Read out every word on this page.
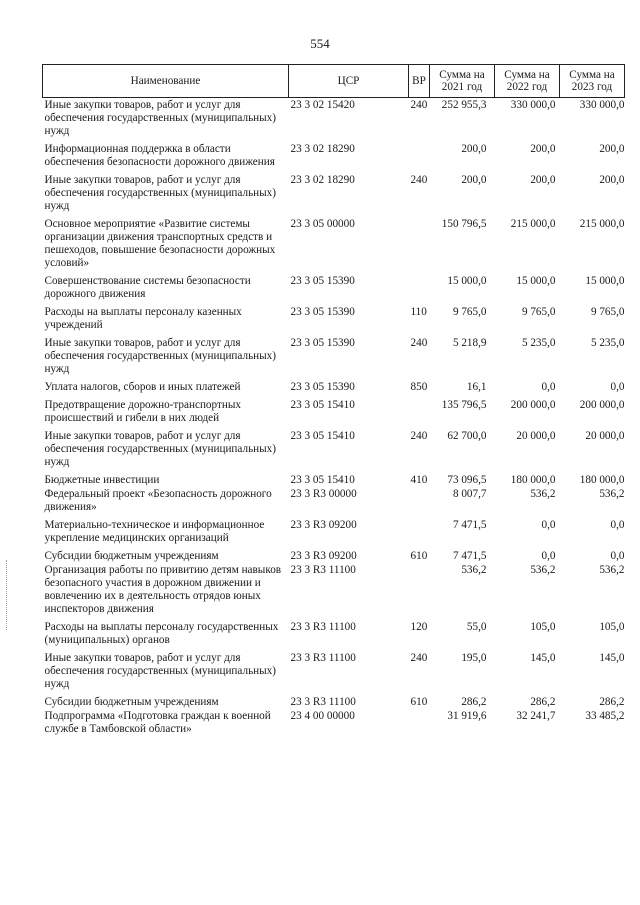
554
Наименование	ЦСР	ВР	Сумма на 2021 год	Сумма на 2022 год	Сумма на 2023 год
Иные закупки товаров, работ и услуг для обеспечения государственных (муниципальных) нужд	23 3 02 15420	240	252 955,3	330 000,0	330 000,0
Информационная поддержка в области обеспечения безопасности дорожного движения	23 3 02 18290		200,0	200,0	200,0
Иные закупки товаров, работ и услуг для обеспечения государственных (муниципальных) нужд	23 3 02 18290	240	200,0	200,0	200,0
Основное мероприятие «Развитие системы организации движения транспортных средств и пешеходов, повышение безопасности дорожных условий»	23 3 05 00000		150 796,5	215 000,0	215 000,0
Совершенствование системы безопасности дорожного движения	23 3 05 15390		15 000,0	15 000,0	15 000,0
Расходы на выплаты персоналу казенных учреждений	23 3 05 15390	110	9 765,0	9 765,0	9 765,0
Иные закупки товаров, работ и услуг для обеспечения государственных (муниципальных) нужд	23 3 05 15390	240	5 218,9	5 235,0	5 235,0
Уплата налогов, сборов и иных платежей	23 3 05 15390	850	16,1	0,0	0,0
Предотвращение дорожно-транспортных происшествий и гибели в них людей	23 3 05 15410		135 796,5	200 000,0	200 000,0
Иные закупки товаров, работ и услуг для обеспечения государственных (муниципальных) нужд	23 3 05 15410	240	62 700,0	20 000,0	20 000,0
Бюджетные инвестиции	23 3 05 15410	410	73 096,5	180 000,0	180 000,0
Федеральный проект «Безопасность дорожного движения»	23 3 R3 00000		8 007,7	536,2	536,2
Материально-техническое и информационное укрепление медицинских организаций	23 3 R3 09200		7 471,5	0,0	0,0
Субсидии бюджетным учреждениям	23 3 R3 09200	610	7 471,5	0,0	0,0
Организация работы по привитию детям навыков безопасного участия в дорожном движении и вовлечению их в деятельность отрядов юных инспекторов движения	23 3 R3 11100		536,2	536,2	536,2
Расходы на выплаты персоналу государственных (муниципальных) органов	23 3 R3 11100	120	55,0	105,0	105,0
Иные закупки товаров, работ и услуг для обеспечения государственных (муниципальных) нужд	23 3 R3 11100	240	195,0	145,0	145,0
Субсидии бюджетным учреждениям	23 3 R3 11100	610	286,2	286,2	286,2
Подпрограмма «Подготовка граждан к военной службе в Тамбовской области»	23 4 00 00000		31 919,6	32 241,7	33 485,2
